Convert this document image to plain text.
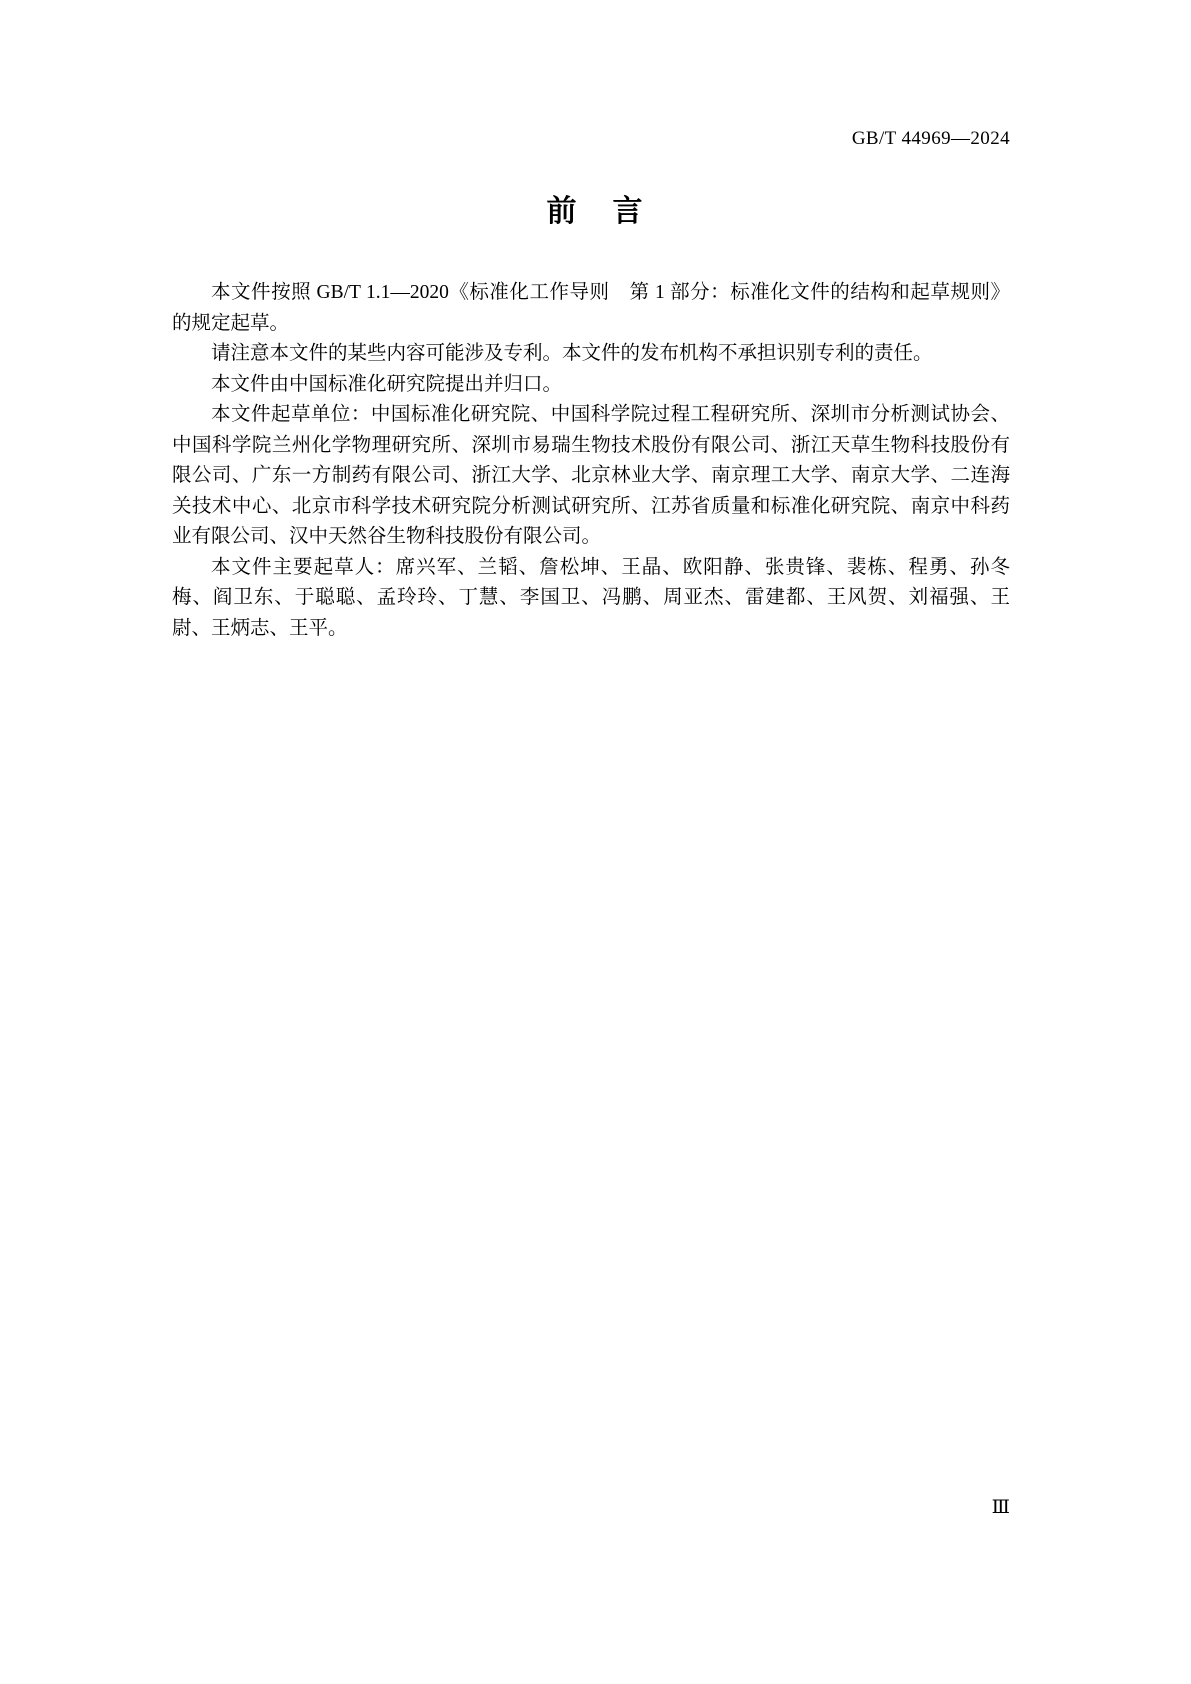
GB/T 44969—2024
前 言

本文件按照 GB/T 1.1—2020《标准化工作导则　第 1 部分：标准化文件的结构和起草规则》的规定起草。

请注意本文件的某些内容可能涉及专利。本文件的发布机构不承担识别专利的责任。

本文件由中国标准化研究院提出并归口。

本文件起草单位：中国标准化研究院、中国科学院过程工程研究所、深圳市分析测试协会、中国科学院兰州化学物理研究所、深圳市易瑞生物技术股份有限公司、浙江天草生物科技股份有限公司、广东一方制药有限公司、浙江大学、北京林业大学、南京理工大学、南京大学、二连海关技术中心、北京市科学技术研究院分析测试研究所、江苏省质量和标准化研究院、南京中科药业有限公司、汉中天然谷生物科技股份有限公司。

本文件主要起草人：席兴军、兰韬、詹松坤、王晶、欧阳静、张贵锋、裴栋、程勇、孙冬梅、阎卫东、于聪聪、孟玲玲、丁慧、李国卫、冯鹏、周亚杰、雷建都、王风贺、刘福强、王尉、王炳志、王平。

Ⅲ
